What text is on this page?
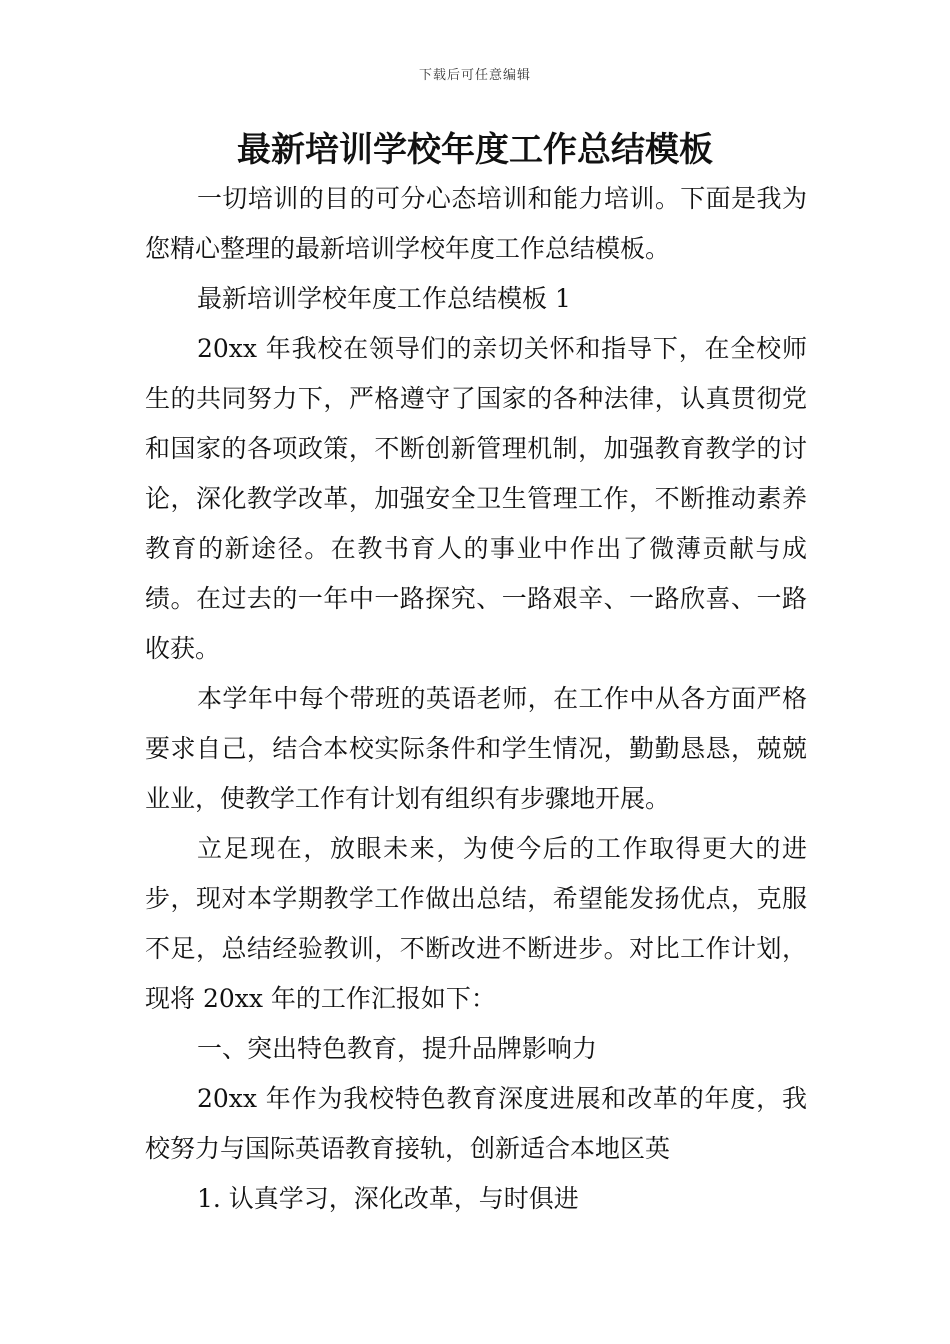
下载后可任意编辑
最新培训学校年度工作总结模板

一切培训的目的可分心态培训和能力培训。下面是我为您精心整理的最新培训学校年度工作总结模板。

最新培训学校年度工作总结模板 1

20xx 年我校在领导们的亲切关怀和指导下，在全校师生的共同努力下，严格遵守了国家的各种法律，认真贯彻党和国家的各项政策，不断创新管理机制，加强教育教学的讨论，深化教学改革，加强安全卫生管理工作，不断推动素养教育的新途径。在教书育人的事业中作出了微薄贡献与成绩。在过去的一年中一路探究、一路艰辛、一路欣喜、一路收获。

本学年中每个带班的英语老师，在工作中从各方面严格要求自己，结合本校实际条件和学生情况，勤勤恳恳，兢兢业业，使教学工作有计划有组织有步骤地开展。

立足现在，放眼未来，为使今后的工作取得更大的进步，现对本学期教学工作做出总结，希望能发扬优点，克服不足，总结经验教训，不断改进不断进步。对比工作计划，现将 20xx 年的工作汇报如下：

一、突出特色教育，提升品牌影响力

20xx 年作为我校特色教育深度进展和改革的年度，我校努力与国际英语教育接轨，创新适合本地区英

1. 认真学习，深化改革，与时俱进
